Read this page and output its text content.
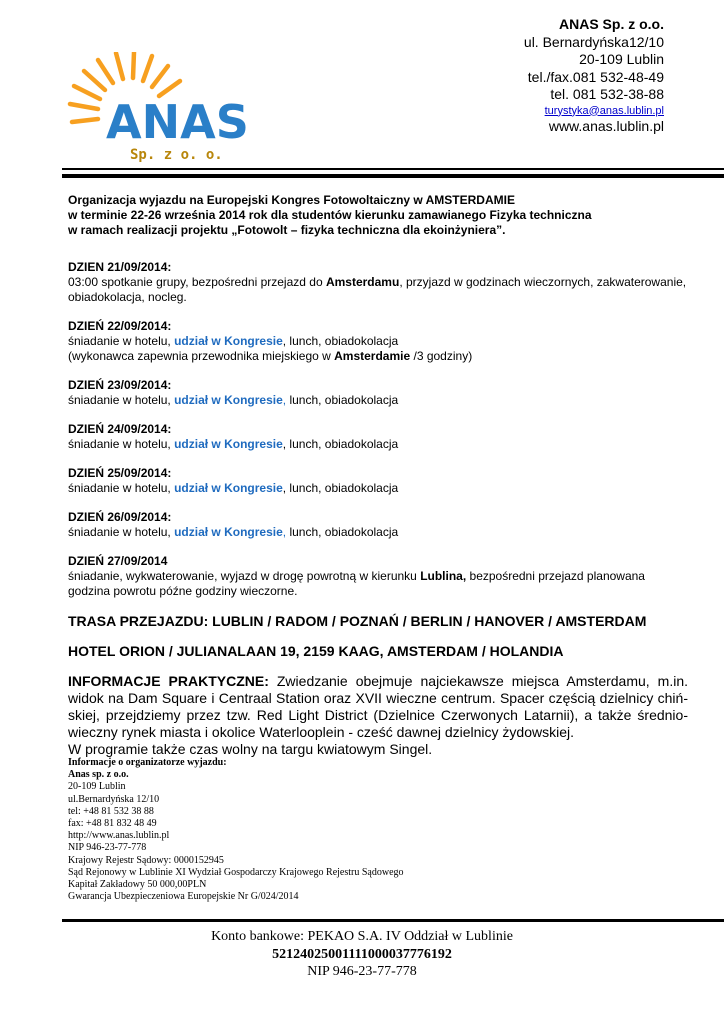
ANAS
Sp. z o. o.
ANAS Sp. z o.o.
ul. Bernardyńska12/10
20-109 Lublin
tel./fax.081 532-48-49
tel. 081 532-38-88
turystyka@anas.lublin.pl
www.anas.lublin.pl
Organizacja wyjazdu na Europejski Kongres Fotowoltaiczny w AMSTERDAMIE
w terminie 22-26 września 2014 rok dla studentów kierunku zamawianego Fizyka techniczna
w ramach realizacji projektu „Fotowolt – fizyka techniczna dla ekoinżyniera”.
DZIEN 21/09/2014:
03:00 spotkanie grupy, bezpośredni przejazd do Amsterdamu, przyjazd w godzinach wieczornych, zakwaterowanie, obiadokolacja, nocleg.
DZIEŃ 22/09/2014:
śniadanie w hotelu, udział w Kongresie, lunch, obiadokolacja
(wykonawca zapewnia przewodnika miejskiego w Amsterdamie /3 godziny)
DZIEŃ 23/09/2014:
śniadanie w hotelu, udział w Kongresie, lunch, obiadokolacja
DZIEŃ 24/09/2014:
śniadanie w hotelu, udział w Kongresie, lunch, obiadokolacja
DZIEŃ 25/09/2014:
śniadanie w hotelu, udział w Kongresie, lunch, obiadokolacja
DZIEŃ 26/09/2014:
śniadanie w hotelu, udział w Kongresie, lunch, obiadokolacja
DZIEŃ 27/09/2014
śniadanie, wykwaterowanie, wyjazd w drogę powrotną w kierunku Lublina, bezpośredni przejazd planowana godzina powrotu późne godziny wieczorne.
TRASA PRZEJAZDU: LUBLIN / RADOM / POZNAŃ / BERLIN / HANOVER / AMSTERDAM
HOTEL ORION / JULIANALAAN 19, 2159 KAAG, AMSTERDAM / HOLANDIA
INFORMACJE PRAKTYCZNE: Zwiedzanie obejmuje najciekawsze miejsca Amsterdamu, m.in. widok na Dam Square i Centraal Station oraz XVII wieczne centrum. Spacer częścią dzielnicy chiń-skiej, przejdziemy przez tzw. Red Light District (Dzielnice Czerwonych Latarnii), a także średnio-wieczny rynek miasta i okolice Waterlooplein - cześć dawnej dzielnicy żydowskiej.
W programie także czas wolny na targu kwiatowym Singel.
Informacje o organizatorze wyjazdu:
Anas sp. z o.o.
20-109 Lublin
ul.Bernardyńska 12/10
tel: +48 81 532 38 88
fax: +48 81 832 48 49
http://www.anas.lublin.pl
NIP 946-23-77-778
Krajowy Rejestr Sądowy: 0000152945
Sąd Rejonowy w Lublinie XI Wydział Gospodarczy Krajowego Rejestru Sądowego
Kapitał Zakładowy 50 000,00PLN
Gwarancja Ubezpieczeniowa Europejskie Nr G/024/2014
Konto bankowe: PEKAO S.A. IV Oddział w Lublinie
52124025001111000037776192
NIP 946-23-77-778
